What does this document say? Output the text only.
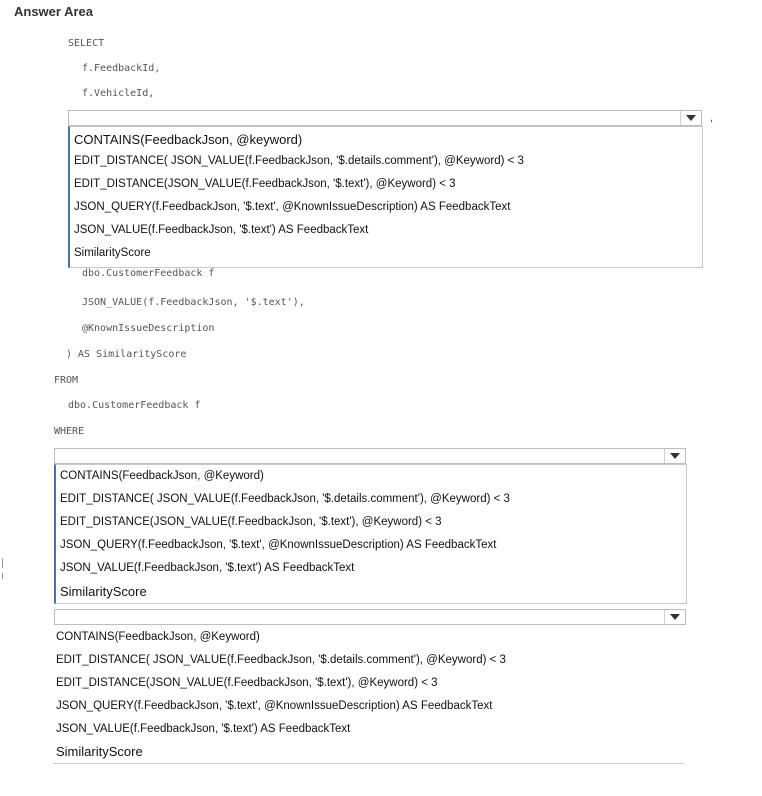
Answer Area
SELECT
f.FeedbackId,
f.VehicleId,
,
CONTAINS(FeedbackJson, @keyword)
EDIT_DISTANCE( JSON_VALUE(f.FeedbackJson, '$.details.comment'), @Keyword) < 3
EDIT_DISTANCE(JSON_VALUE(f.FeedbackJson, '$.text'), @Keyword) < 3
JSON_QUERY(f.FeedbackJson, '$.text', @KnownIssueDescription) AS FeedbackText
JSON_VALUE(f.FeedbackJson, '$.text') AS FeedbackText
SimilarityScore
dbo.CustomerFeedback f
JSON_VALUE(f.FeedbackJson, '$.text'),
@KnownIssueDescription
) AS SimilarityScore
FROM
dbo.CustomerFeedback f
WHERE
CONTAINS(FeedbackJson, @Keyword)
EDIT_DISTANCE( JSON_VALUE(f.FeedbackJson, '$.details.comment'), @Keyword) < 3
EDIT_DISTANCE(JSON_VALUE(f.FeedbackJson, '$.text'), @Keyword) < 3
JSON_QUERY(f.FeedbackJson, '$.text', @KnownIssueDescription) AS FeedbackText
JSON_VALUE(f.FeedbackJson, '$.text') AS FeedbackText
SimilarityScore
CONTAINS(FeedbackJson, @Keyword)
EDIT_DISTANCE( JSON_VALUE(f.FeedbackJson, '$.details.comment'), @Keyword) < 3
EDIT_DISTANCE(JSON_VALUE(f.FeedbackJson, '$.text'), @Keyword) < 3
JSON_QUERY(f.FeedbackJson, '$.text', @KnownIssueDescription) AS FeedbackText
JSON_VALUE(f.FeedbackJson, '$.text') AS FeedbackText
SimilarityScore
